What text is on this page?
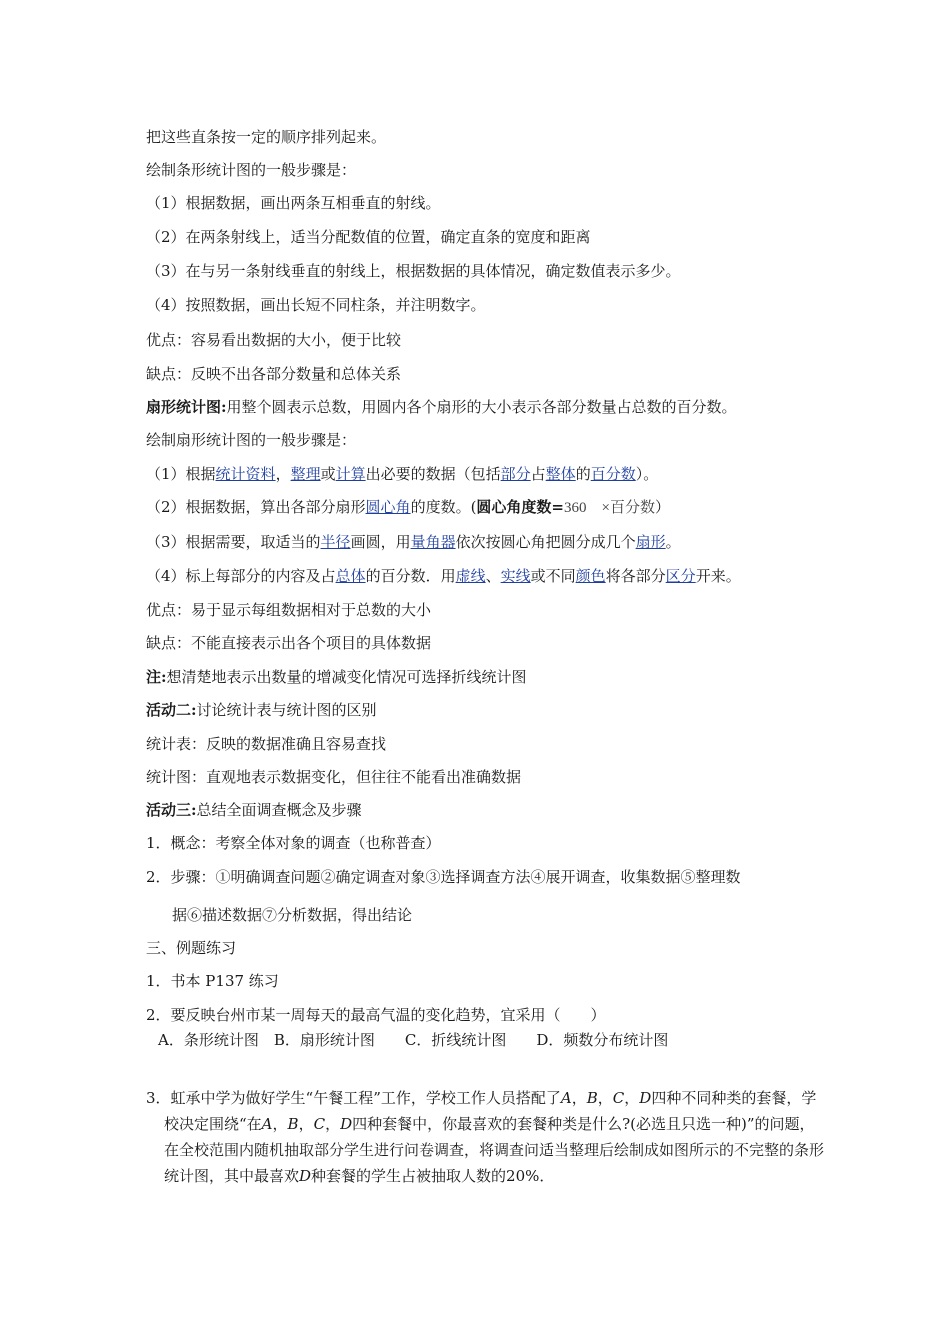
把这些直条按一定的顺序排列起来。
绘制条形统计图的一般步骤是：
（1）根据数据，画出两条互相垂直的射线。
（2）在两条射线上，适当分配数值的位置，确定直条的宽度和距离
（3）在与另一条射线垂直的射线上，根据数据的具体情况，确定数值表示多少。
（4）按照数据，画出长短不同柱条，并注明数字。
优点：容易看出数据的大小，便于比较
缺点：反映不出各部分数量和总体关系
扇形统计图:用整个圆表示总数，用圆内各个扇形的大小表示各部分数量占总数的百分数。
绘制扇形统计图的一般步骤是：
（1）根据统计资料，整理或计算出必要的数据（包括部分占整体的百分数）。
（2）根据数据，算出各部分扇形圆心角的度数。(圆心角度数=360　×百分数）
（3）根据需要，取适当的半径画圆，用量角器依次按圆心角把圆分成几个扇形。
（4）标上每部分的内容及占总体的百分数．用虚线、实线或不同颜色将各部分区分开来。
优点：易于显示每组数据相对于总数的大小
缺点：不能直接表示出各个项目的具体数据
注:想清楚地表示出数量的增减变化情况可选择折线统计图
活动二:讨论统计表与统计图的区别
统计表：反映的数据准确且容易查找
统计图：直观地表示数据变化，但往往不能看出准确数据
活动三:总结全面调查概念及步骤
1．概念：考察全体对象的调查（也称普查）
2．步骤：①明确调查问题②确定调查对象③选择调查方法④展开调查，收集数据⑤整理数
据⑥描述数据⑦分析数据，得出结论
三、例题练习
1．书本 P137 练习
2．要反映台州市某一周每天的最高气温的变化趋势，宜采用（　　）
A．条形统计图　B．扇形统计图　　C．折线统计图　　D．频数分布统计图
3．虹承中学为做好学生“午餐工程”工作，学校工作人员搭配了A，B，C，D四种不同种类的套餐，学校决定围绕“在A，B，C，D四种套餐中，你最喜欢的套餐种类是什么?(必选且只选一种)”的问题，在全校范围内随机抽取部分学生进行问卷调查，将调查问适当整理后绘制成如图所示的不完整的条形统计图，其中最喜欢D种套餐的学生占被抽取人数的20%．
